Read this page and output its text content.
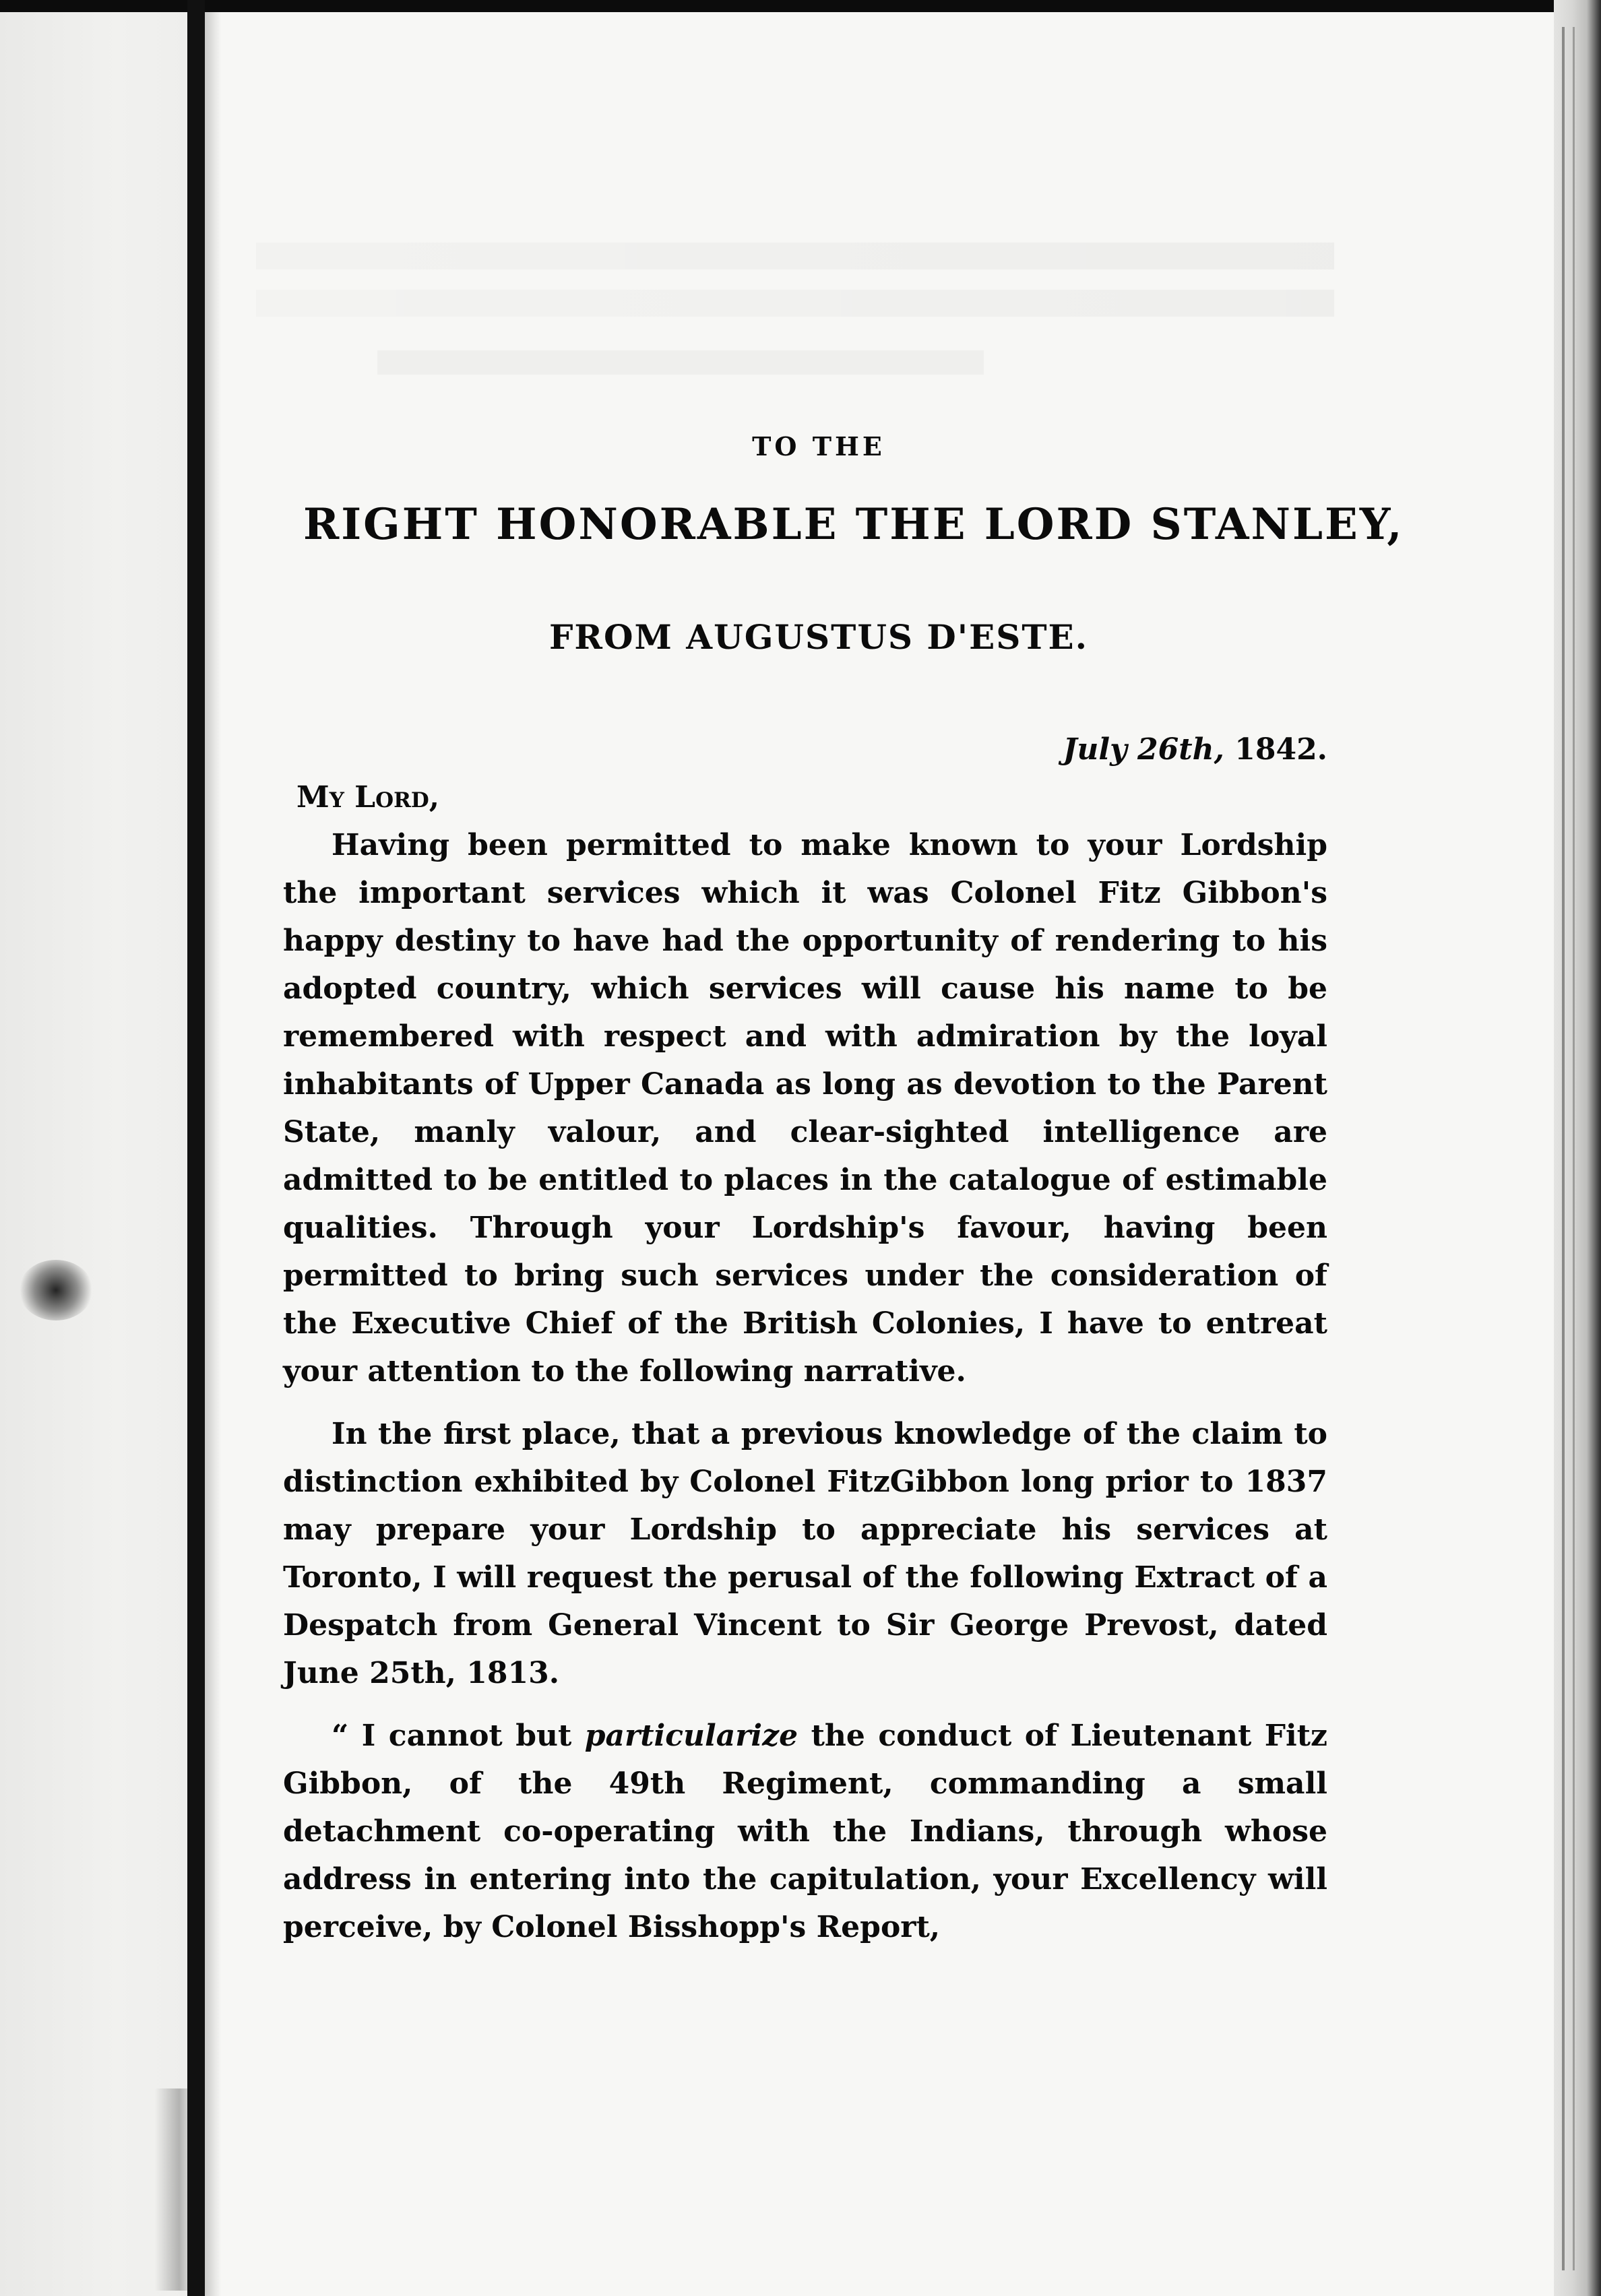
TO THE
RIGHT HONORABLE THE LORD STANLEY,
FROM AUGUSTUS D'ESTE.
July 26th, 1842.
My Lord,

Having been permitted to make known to your Lordship the important services which it was Colonel Fitz Gibbon's happy destiny to have had the opportunity of rendering to his adopted country, which services will cause his name to be remembered with respect and with admiration by the loyal inhabitants of Upper Canada as long as devotion to the Parent State, manly valour, and clear-sighted intelligence are admitted to be entitled to places in the catalogue of estimable qualities. Through your Lordship's favour, having been permitted to bring such services under the consideration of the Executive Chief of the British Colonies, I have to entreat your attention to the following narrative.

In the first place, that a previous knowledge of the claim to distinction exhibited by Colonel FitzGibbon long prior to 1837 may prepare your Lordship to appreciate his services at Toronto, I will request the perusal of the following Extract of a Despatch from General Vincent to Sir George Prevost, dated June 25th, 1813.

“ I cannot but particularize the conduct of Lieutenant Fitz Gibbon, of the 49th Regiment, commanding a small detachment co-operating with the Indians, through whose address in entering into the capitulation, your Excellency will perceive, by Colonel Bisshopp's Report,
